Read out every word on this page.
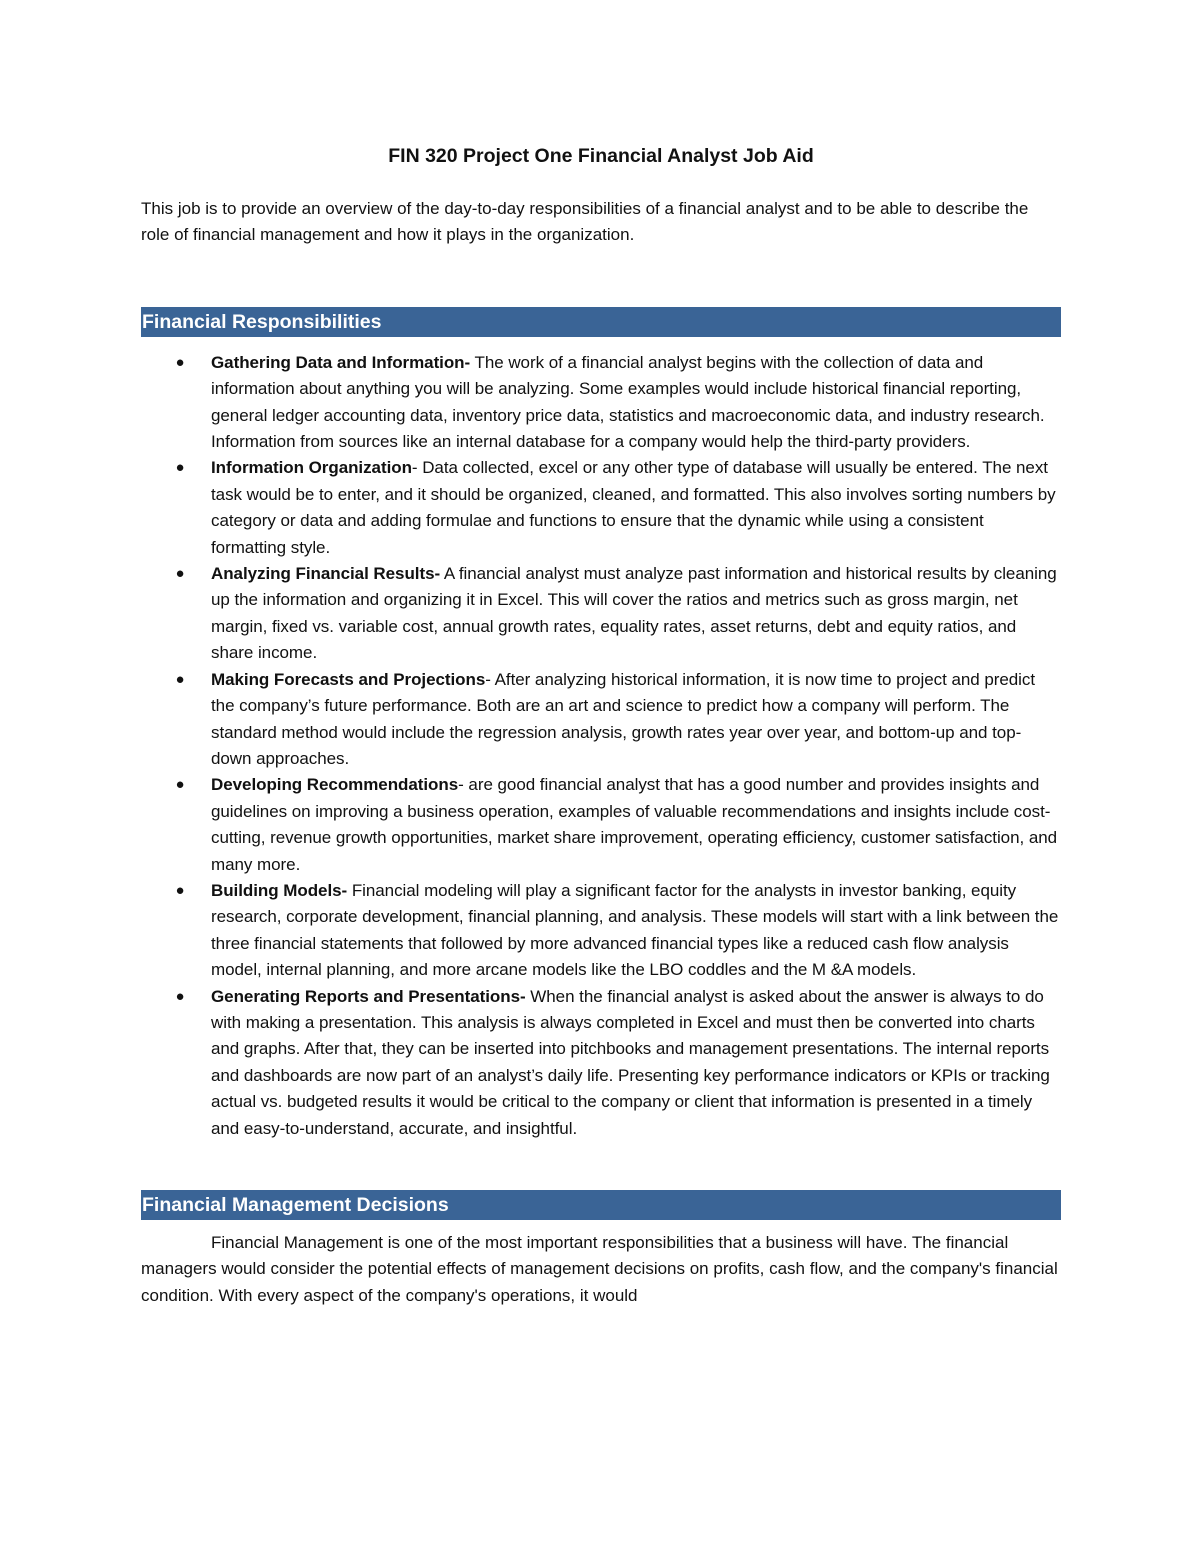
FIN 320 Project One Financial Analyst Job Aid

This job is to provide an overview of the day-to-day responsibilities of a financial analyst and to be able to describe the role of financial management and how it plays in the organization.

Financial Responsibilities
● Gathering Data and Information- The work of a financial analyst begins with the collection of data and information about anything you will be analyzing. Some examples would include historical financial reporting, general ledger accounting data, inventory price data, statistics and macroeconomic data, and industry research. Information from sources like an internal database for a company would help the third-party providers.
● Information Organization- Data collected, excel or any other type of database will usually be entered. The next task would be to enter, and it should be organized, cleaned, and formatted. This also involves sorting numbers by category or data and adding formulae and functions to ensure that the dynamic while using a consistent formatting style.
● Analyzing Financial Results- A financial analyst must analyze past information and historical results by cleaning up the information and organizing it in Excel. This will cover the ratios and metrics such as gross margin, net margin, fixed vs. variable cost, annual growth rates, equality rates, asset returns, debt and equity ratios, and share income.
● Making Forecasts and Projections- After analyzing historical information, it is now time to project and predict the company’s future performance. Both are an art and science to predict how a company will perform. The standard method would include the regression analysis, growth rates year over year, and bottom-up and top-down approaches.
● Developing Recommendations- are good financial analyst that has a good number and provides insights and guidelines on improving a business operation, examples of valuable recommendations and insights include cost-cutting, revenue growth opportunities, market share improvement, operating efficiency, customer satisfaction, and many more.
● Building Models- Financial modeling will play a significant factor for the analysts in investor banking, equity research, corporate development, financial planning, and analysis. These models will start with a link between the three financial statements that followed by more advanced financial types like a reduced cash flow analysis model, internal planning, and more arcane models like the LBO coddles and the M &A models.
● Generating Reports and Presentations- When the financial analyst is asked about the answer is always to do with making a presentation. This analysis is always completed in Excel and must then be converted into charts and graphs. After that, they can be inserted into pitchbooks and management presentations. The internal reports and dashboards are now part of an analyst’s daily life. Presenting key performance indicators or KPIs or tracking actual vs. budgeted results it would be critical to the company or client that information is presented in a timely and easy-to-understand, accurate, and insightful.
Financial Management Decisions

Financial Management is one of the most important responsibilities that a business will have. The financial managers would consider the potential effects of management decisions on profits, cash flow, and the company's financial condition. With every aspect of the company's operations, it would
